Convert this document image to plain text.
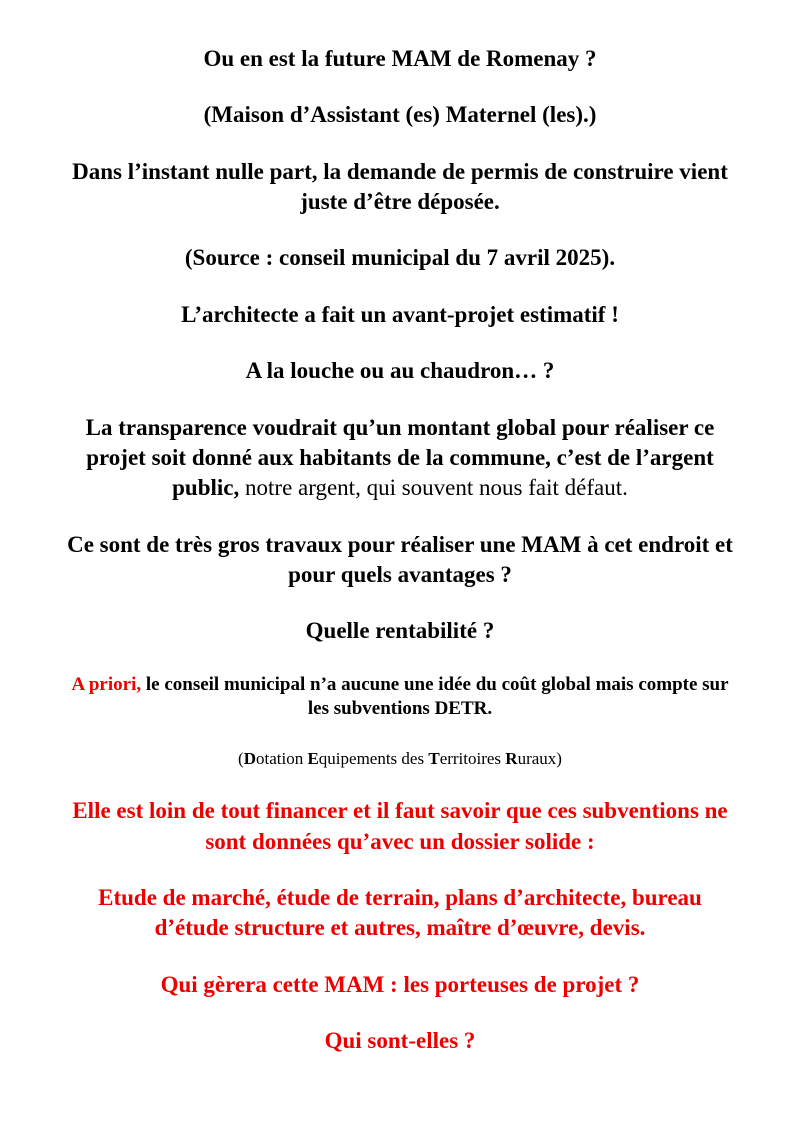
Ou en est la future MAM de Romenay ?

(Maison d’Assistant (es) Maternel (les).)

Dans l’instant nulle part, la demande de permis de construire vient juste d’être déposée.

(Source : conseil municipal du 7 avril 2025).

L’architecte a fait un avant-projet estimatif !

A la louche ou au chaudron… ?

La transparence voudrait qu’un montant global pour réaliser ce projet soit donné aux habitants de la commune, c’est de l’argent public, notre argent, qui souvent nous fait défaut.

Ce sont de très gros travaux pour réaliser une MAM à cet endroit et pour quels avantages ?

Quelle rentabilité ?

A priori, le conseil municipal n’a aucune une idée du coût global mais compte sur les subventions DETR.

(Dotation Equipements des Territoires Ruraux)

Elle est loin de tout financer et il faut savoir que ces subventions ne sont données qu’avec un dossier solide :

Etude de marché, étude de terrain, plans d’architecte, bureau d’étude structure et autres, maître d’œuvre, devis.

Qui gèrera cette MAM : les porteuses de projet ?

Qui sont-elles ?
